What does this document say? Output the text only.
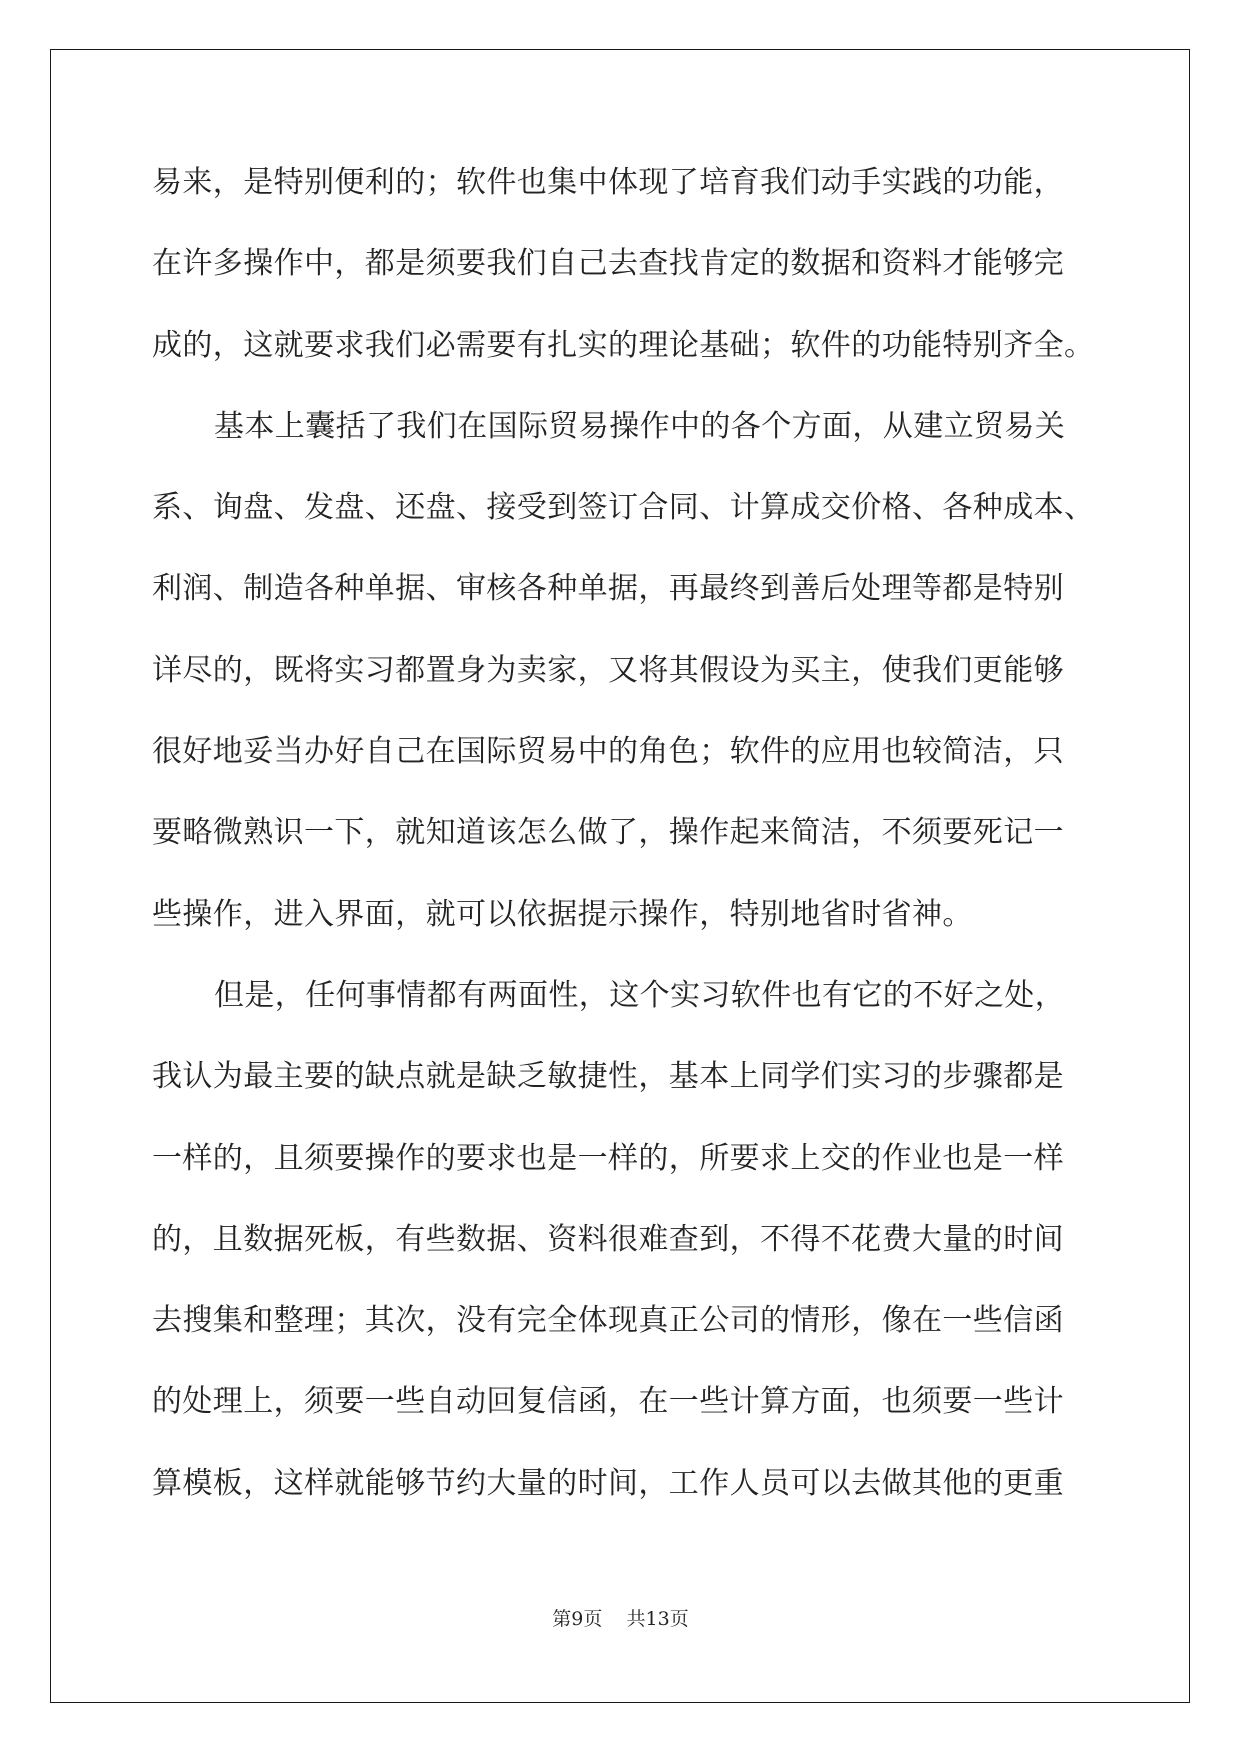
易来，是特别便利的；软件也集中体现了培育我们动手实践的功能，
在许多操作中，都是须要我们自己去查找肯定的数据和资料才能够完
成的，这就要求我们必需要有扎实的理论基础；软件的功能特别齐全。
基本上囊括了我们在国际贸易操作中的各个方面，从建立贸易关
系、询盘、发盘、还盘、接受到签订合同、计算成交价格、各种成本、
利润、制造各种单据、审核各种单据，再最终到善后处理等都是特别
详尽的，既将实习都置身为卖家，又将其假设为买主，使我们更能够
很好地妥当办好自己在国际贸易中的角色；软件的应用也较简洁，只
要略微熟识一下，就知道该怎么做了，操作起来简洁，不须要死记一
些操作，进入界面，就可以依据提示操作，特别地省时省神。
但是，任何事情都有两面性，这个实习软件也有它的不好之处，
我认为最主要的缺点就是缺乏敏捷性，基本上同学们实习的步骤都是
一样的，且须要操作的要求也是一样的，所要求上交的作业也是一样
的，且数据死板，有些数据、资料很难查到，不得不花费大量的时间
去搜集和整理；其次，没有完全体现真正公司的情形，像在一些信函
的处理上，须要一些自动回复信函，在一些计算方面，也须要一些计
算模板，这样就能够节约大量的时间，工作人员可以去做其他的更重
第9页 共13页
